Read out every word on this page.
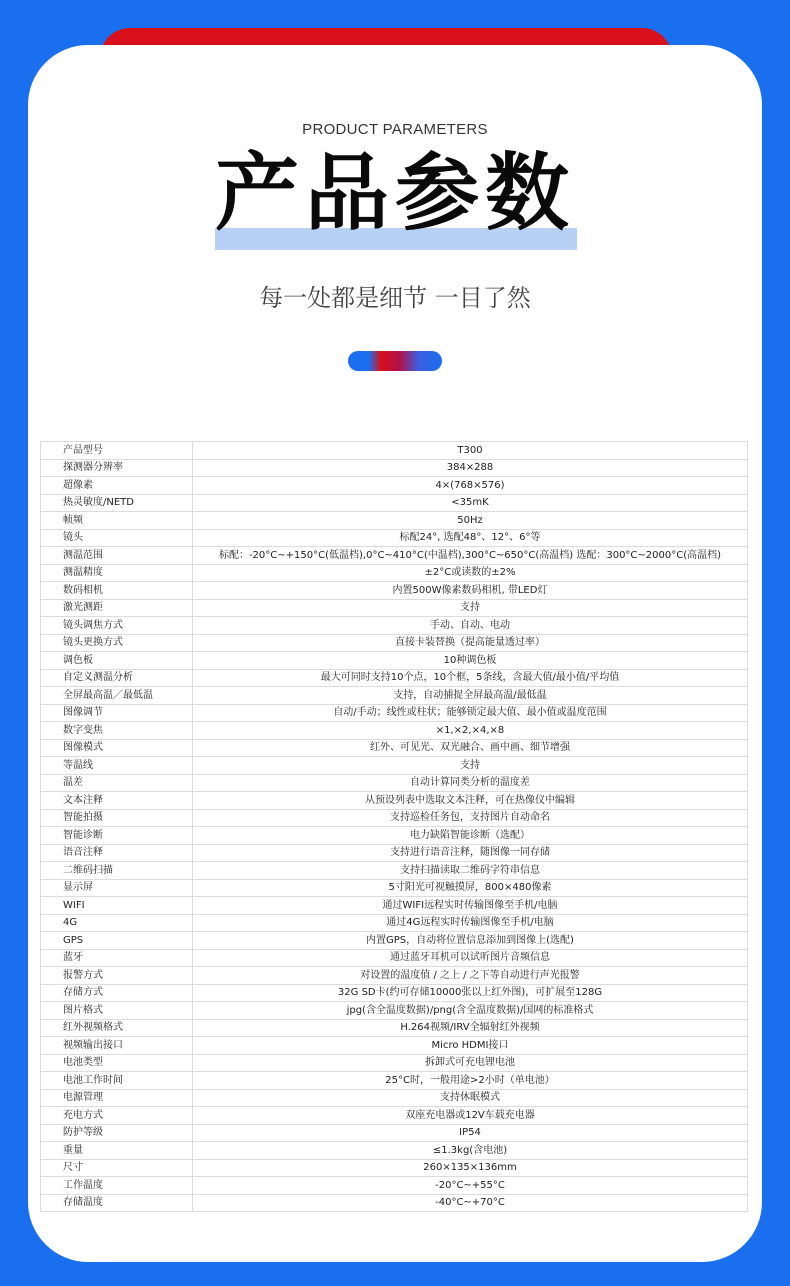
PRODUCT PARAMETERS
产品参数
每一处都是细节 一目了然
产品型号	T300
探测器分辨率	384×288
超像素	4×(768×576)
热灵敏度/NETD	<35mK
帧频	50Hz
镜头	标配24°, 选配48°、12°、6°等
测温范围	标配：-20°C~+150°C(低温档),0°C~410°C(中温档),300°C~650°C(高温档) 选配：300°C~2000°C(高温档)
测温精度	±2°C或读数的±2%
数码相机	内置500W像素数码相机, 带LED灯
激光测距	支持
镜头调焦方式	手动、自动、电动
镜头更换方式	直接卡装替换（提高能量透过率）
调色板	10种调色板
自定义测温分析	最大可同时支持10个点，10个框，5条线，含最大值/最小值/平均值
全屏最高温／最低温	支持，自动捕捉全屏最高温/最低温
图像调节	自动/手动；线性或柱状；能够锁定最大值、最小值或温度范围
数字变焦	×1,×2,×4,×8
图像模式	红外、可见光、双光融合、画中画、细节增强
等温线	支持
温差	自动计算同类分析的温度差
文本注释	从预设列表中选取文本注释，可在热像仪中编辑
智能拍摄	支持巡检任务包，支持图片自动命名
智能诊断	电力缺陷智能诊断（选配）
语音注释	支持进行语音注释，随图像一同存储
二维码扫描	支持扫描读取二维码字符串信息
显示屏	5寸阳光可视触摸屏，800×480像素
WIFI	通过WIFI远程实时传输图像至手机/电脑
4G	通过4G远程实时传输图像至手机/电脑
GPS	内置GPS，自动将位置信息添加到图像上(选配)
蓝牙	通过蓝牙耳机可以试听图片音频信息
报警方式	对设置的温度值 / 之上 / 之下等自动进行声光报警
存储方式	32G SD卡(约可存储10000张以上红外图)，可扩展至128G
图片格式	jpg(含全温度数据)/png(含全温度数据)/国网的标准格式
红外视频格式	H.264视频/IRV全辐射红外视频
视频输出接口	Micro HDMI接口
电池类型	拆卸式可充电锂电池
电池工作时间	25°C时，一般用途>2小时（单电池）
电源管理	支持休眠模式
充电方式	双座充电器或12V车载充电器
防护等级	IP54
重量	≤1.3kg(含电池)
尺寸	260×135×136mm
工作温度	-20°C~+55°C
存储温度	-40°C~+70°C
